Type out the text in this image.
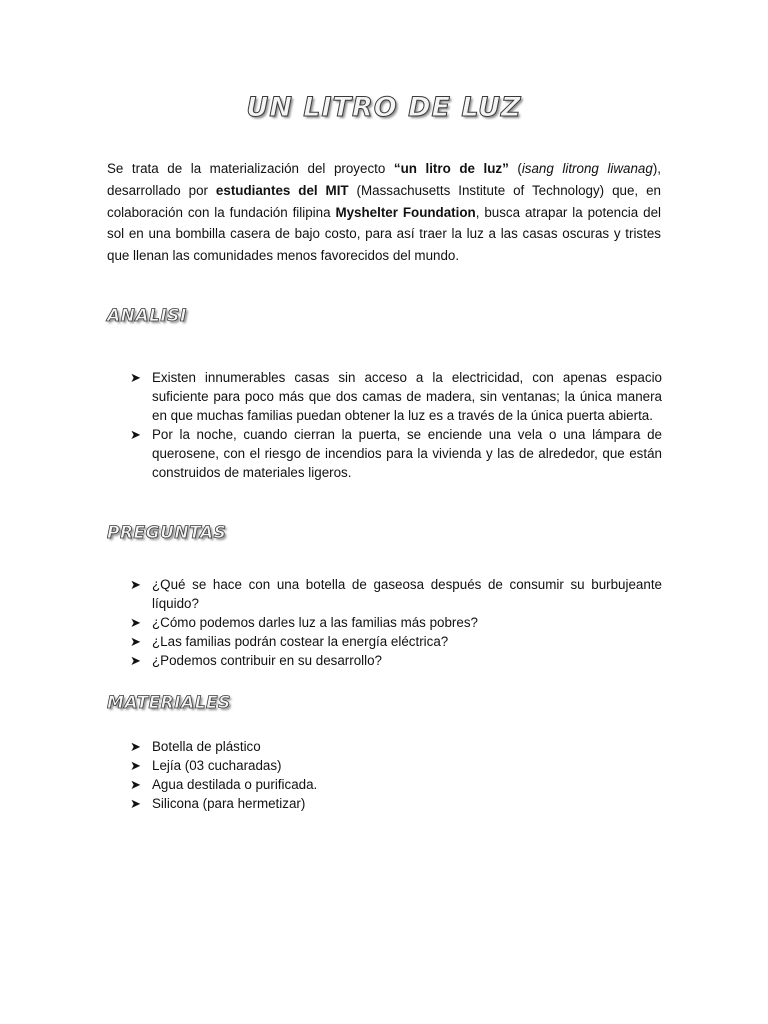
UN LITRO DE LUZ

Se trata de la materialización del proyecto “un litro de luz” (isang litrong liwanag), desarrollado por estudiantes del MIT (Massachusetts Institute of Technology) que, en colaboración con la fundación filipina Myshelter Foundation, busca atrapar la potencia del sol en una bombilla casera de bajo costo, para así traer la luz a las casas oscuras y tristes que llenan las comunidades menos favorecidos del mundo.

ANALISI
➤ Existen innumerables casas sin acceso a la electricidad, con apenas espacio suficiente para poco más que dos camas de madera, sin ventanas; la única manera en que muchas familias puedan obtener la luz es a través de la única puerta abierta.
➤ Por la noche, cuando cierran la puerta, se enciende una vela o una lámpara de querosene, con el riesgo de incendios para la vivienda y las de alrededor, que están construidos de materiales ligeros.
PREGUNTAS
➤ ¿Qué se hace con una botella de gaseosa después de consumir su burbujeante líquido?
➤ ¿Cómo podemos darles luz a las familias más pobres?
➤ ¿Las familias podrán costear la energía eléctrica?
➤ ¿Podemos contribuir en su desarrollo?
MATERIALES
➤ Botella de plástico
➤ Lejía (03 cucharadas)
➤ Agua destilada o purificada.
➤ Silicona (para hermetizar)
